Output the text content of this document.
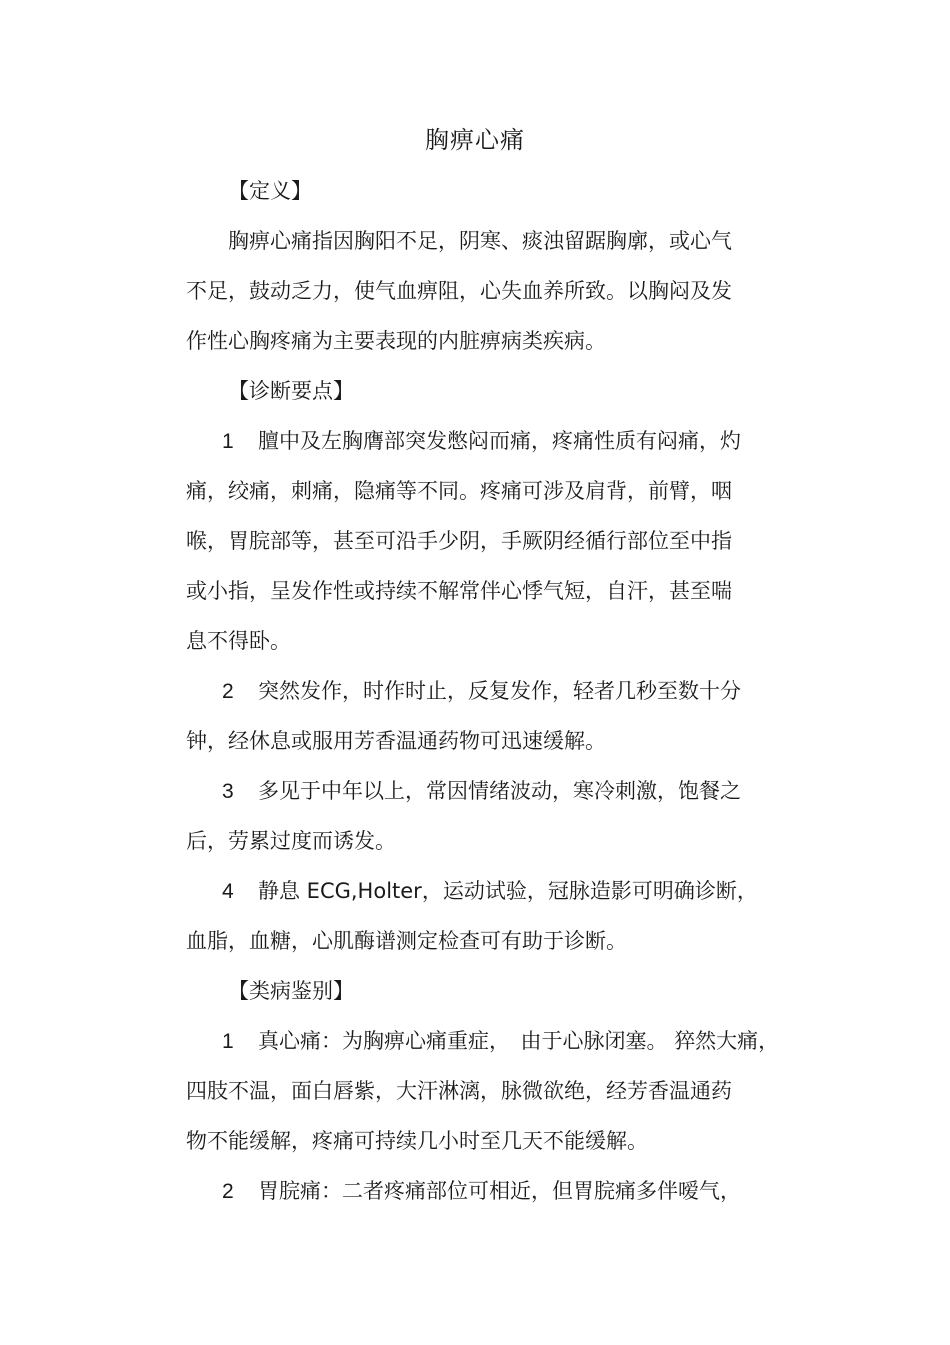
胸痹心痛
【定义】
胸痹心痛指因胸阳不足，阴寒、痰浊留踞胸廓，或心气
不足，鼓动乏力，使气血痹阻，心失血养所致。以胸闷及发
作性心胸疼痛为主要表现的内脏痹病类疾病。
【诊断要点】
1 膻中及左胸膺部突发憋闷而痛，疼痛性质有闷痛，灼
痛，绞痛，刺痛，隐痛等不同。疼痛可涉及肩背，前臂，咽
喉，胃脘部等，甚至可沿手少阴，手厥阴经循行部位至中指
或小指，呈发作性或持续不解常伴心悸气短，自汗，甚至喘
息不得卧。
2 突然发作，时作时止，反复发作，轻者几秒至数十分
钟，经休息或服用芳香温通药物可迅速缓解。
3 多见于中年以上，常因情绪波动，寒冷刺激，饱餐之
后，劳累过度而诱发。
4 静息 ECG,Holter，运动试验，冠脉造影可明确诊断，
血脂，血糖，心肌酶谱测定检查可有助于诊断。
【类病鉴别】
1 真心痛：为胸痹心痛重症，　由于心脉闭塞。 猝然大痛，
四肢不温，面白唇紫，大汗淋漓，脉微欲绝，经芳香温通药
物不能缓解，疼痛可持续几小时至几天不能缓解。
2 胃脘痛：二者疼痛部位可相近，但胃脘痛多伴嗳气，
